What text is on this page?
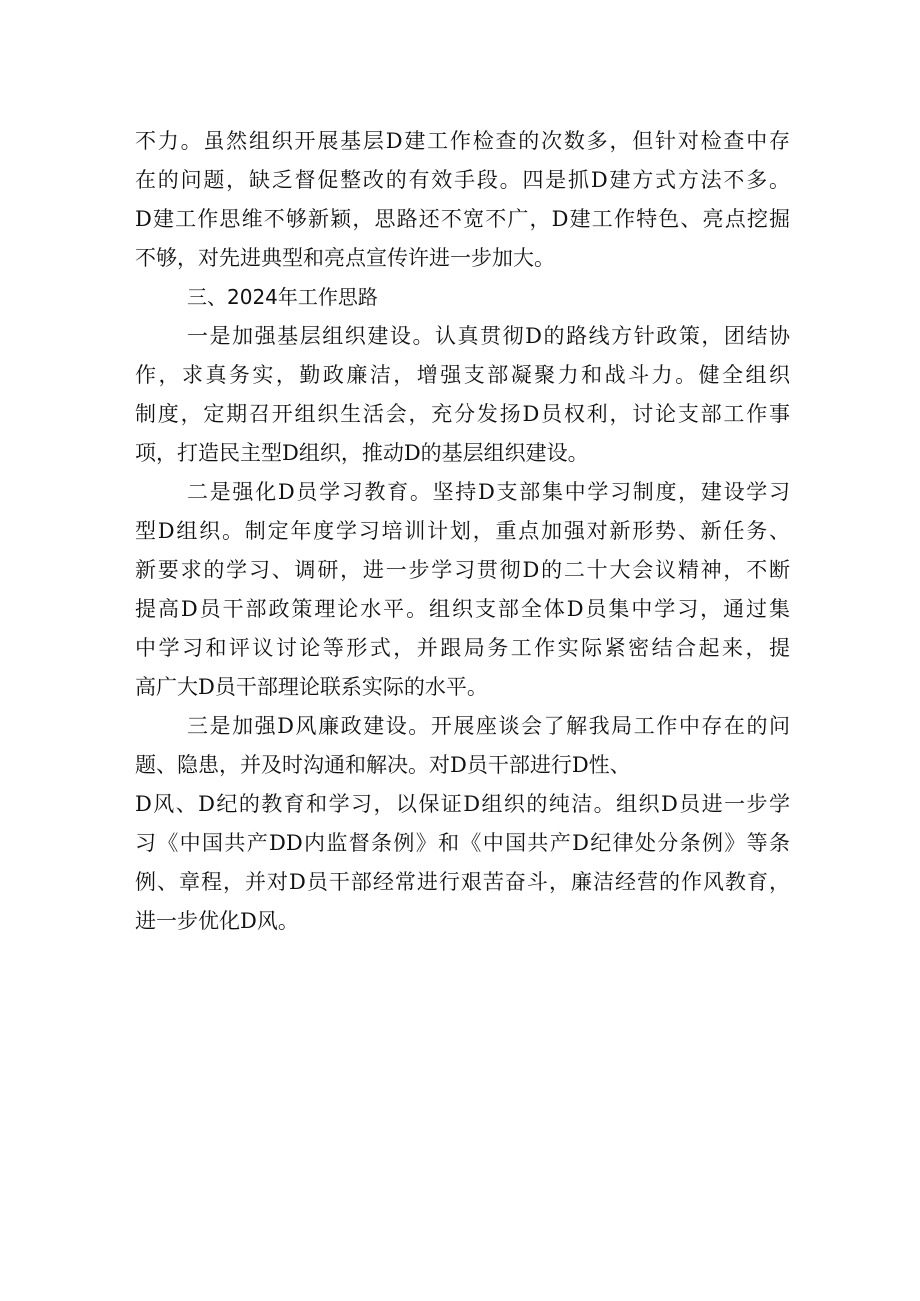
不力。虽然组织开展基层D建工作检查的次数多，但针对检查中存
在的问题，缺乏督促整改的有效手段。四是抓D建方式方法不多。
D建工作思维不够新颖，思路还不宽不广，D建工作特色、亮点挖掘
不够，对先进典型和亮点宣传许进一步加大。
三、2024年工作思路
一是加强基层组织建设。认真贯彻D的路线方针政策，团结协
作，求真务实，勤政廉洁，增强支部凝聚力和战斗力。健全组织
制度，定期召开组织生活会，充分发扬D员权利，讨论支部工作事
项，打造民主型D组织，推动D的基层组织建设。
二是强化D员学习教育。坚持D支部集中学习制度，建设学习
型D组织。制定年度学习培训计划，重点加强对新形势、新任务、
新要求的学习、调研，进一步学习贯彻D的二十大会议精神，不断
提高D员干部政策理论水平。组织支部全体D员集中学习，通过集
中学习和评议讨论等形式，并跟局务工作实际紧密结合起来，提
高广大D员干部理论联系实际的水平。
三是加强D风廉政建设。开展座谈会了解我局工作中存在的问
题、隐患，并及时沟通和解决。对D员干部进行D性、
D风、D纪的教育和学习，以保证D组织的纯洁。组织D员进一步学
习《中国共产DD内监督条例》和《中国共产D纪律处分条例》等条
例、章程，并对D员干部经常进行艰苦奋斗，廉洁经营的作风教育，
进一步优化D风。
